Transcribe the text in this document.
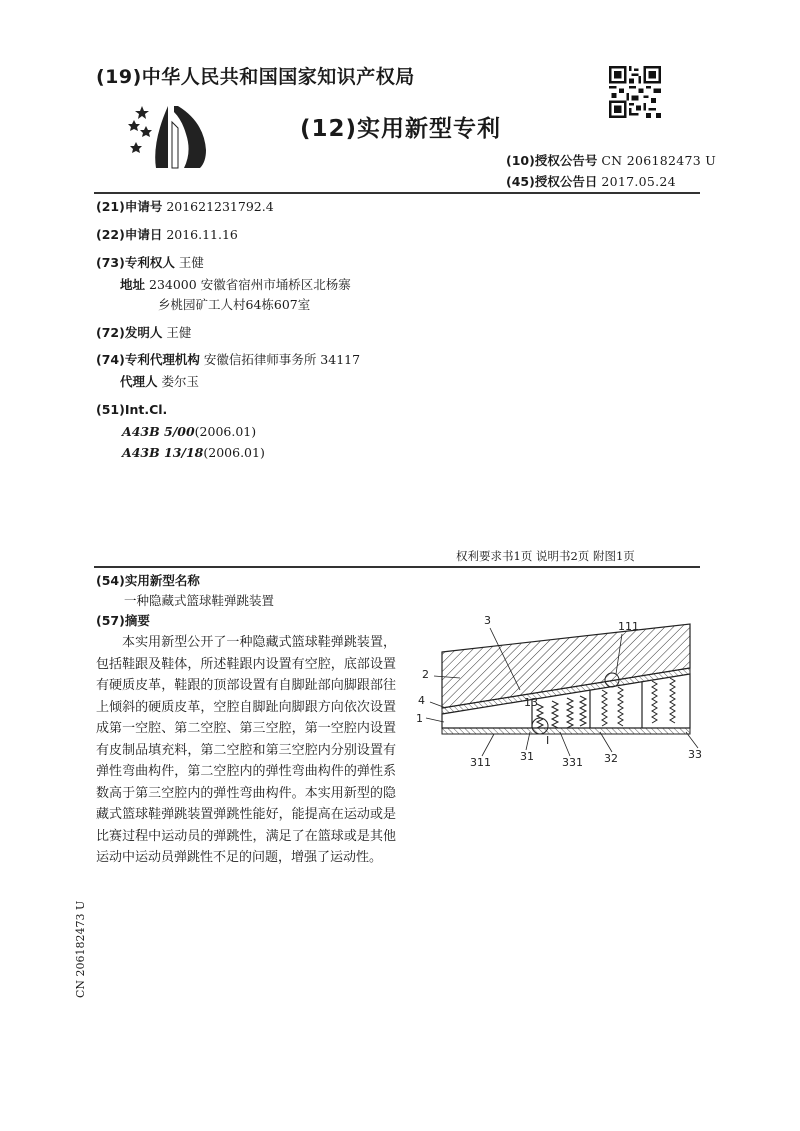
(19)中华人民共和国国家知识产权局
(12)实用新型专利
(10)授权公告号 CN 206182473 U
(45)授权公告日 2017.05.24
(21)申请号 201621231792.4
(22)申请日 2016.11.16
(73)专利权人 王健
地址 234000 安徽省宿州市埇桥区北杨寨
乡桃园矿工人村64栋607室
(72)发明人 王健
(74)专利代理机构 安徽信拓律师事务所 34117
代理人 娄尔玉
(51)Int.Cl.
A43B 5/00(2006.01)
A43B 13/18(2006.01)
权利要求书1页 说明书2页 附图1页
(54)实用新型名称
一种隐藏式篮球鞋弹跳装置
(57)摘要
本实用新型公开了一种隐藏式篮球鞋弹跳装置，包括鞋跟及鞋体，所述鞋跟内设置有空腔，底部设置有硬质皮革，鞋跟的顶部设置有自脚趾部向脚跟部往上倾斜的硬质皮革，空腔自脚趾向脚跟方向依次设置成第一空腔、第二空腔、第三空腔，第一空腔内设置有皮制品填充料，第二空腔和第三空腔内分别设置有弹性弯曲构件，第二空腔内的弹性弯曲构件的弹性系数高于第三空腔内的弹性弯曲构件。本实用新型的隐藏式篮球鞋弹跳装置弹跳性能好，能提高在运动或是比赛过程中运动员的弹跳性，满足了在篮球或是其他运动中运动员弹跳性不足的问题，增强了运动性。
3	111
2
4
1
13
311	31
I
331 32	33
CN 206182473 U
